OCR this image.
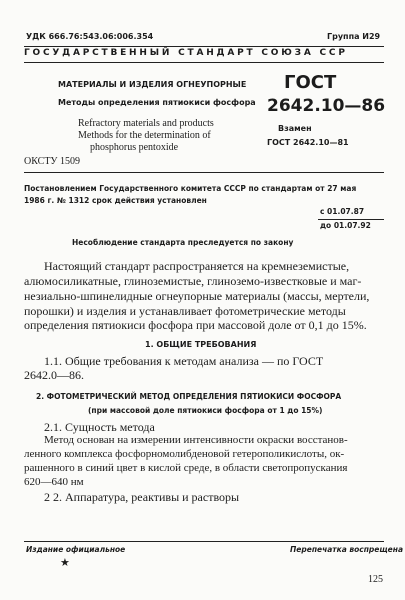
УДК 666.76:543.06:006.354	Группа И29
ГОСУДАРСТВЕННЫЙ СТАНДАРТ СОЮЗА ССР
МАТЕРИАЛЫ И ИЗДЕЛИЯ ОГНЕУПОРНЫЕ
Методы определения пятиокиси фосфора
Refractory materials and products
Methods for the determination of
phosphorus pentoxide
ГОСТ
2642.10—86
Взамен
ГОСТ 2642.10—81
ОКСТУ 1509
Постановлением Государственного комитета СССР по стандартам от 27 мая
1986 г. № 1312 срок действия установлен
с 01.07.87
до 01.07.92
Несоблюдение стандарта преследуется по закону
Настоящий стандарт распространяется на кремнеземистые,
алюмосиликатные, глиноземистые, глиноземо-известковые и маг-
незиально-шпинелидные огнеупорные материалы (массы, мертели,
порошки) и изделия и устанавливает фотометрические методы
определения пятиокиси фосфора при массовой доле от 0,1 до 15%.
1. ОБЩИЕ ТРЕБОВАНИЯ
1.1. Общие требования к методам анализа — по ГОСТ
2642.0—86.
2. ФОТОМЕТРИЧЕСКИЙ МЕТОД ОПРЕДЕЛЕНИЯ ПЯТИОКИСИ ФОСФОРА
(при массовой доле пятиокиси фосфора от 1 до 15%)
2.1. Сущность метода
Метод основан на измерении интенсивности окраски восстанов-
ленного комплекса фосфорномолибденовой гетерополикислоты, ок-
рашенного в синий цвет в кислой среде, в области светопропускания
620—640 нм
2 2. Аппаратура, реактивы и растворы
Издание официальное	Перепечатка воспрещена
★
125
